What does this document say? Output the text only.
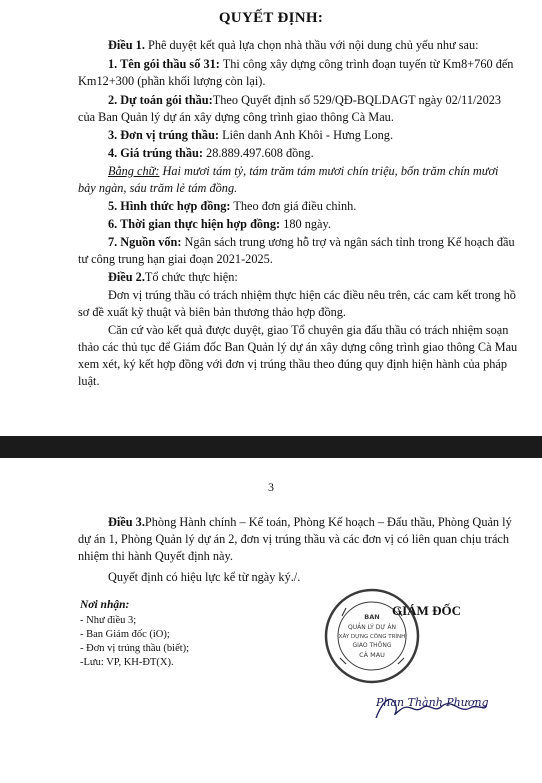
QUYẾT ĐỊNH:

Điều 1. Phê duyệt kết quả lựa chọn nhà thầu với nội dung chủ yếu như sau:

1. Tên gói thầu số 31: Thi công xây dựng công trình đoạn tuyến từ Km8+760 đến

Km12+300 (phần khối lượng còn lại).

2. Dự toán gói thầu:Theo Quyết định số 529/QĐ-BQLDAGT ngày 02/11/2023

của Ban Quản lý dự án xây dựng công trình giao thông Cà Mau.

3. Đơn vị trúng thầu: Liên danh Anh Khôi - Hưng Long.

4. Giá trúng thầu: 28.889.497.608 đồng.

Bằng chữ: Hai mươi tám tỷ, tám trăm tám mươi chín triệu, bốn trăm chín mươi

bảy ngàn, sáu trăm lẻ tám đồng.

5. Hình thức hợp đồng: Theo đơn giá điều chỉnh.

6. Thời gian thực hiện hợp đồng: 180 ngày.

7. Nguồn vốn: Ngân sách trung ương hỗ trợ và ngân sách tỉnh trong Kế hoạch đầu

tư công trung hạn giai đoạn 2021-2025.

Điều 2.Tổ chức thực hiện:

Đơn vị trúng thầu có trách nhiệm thực hiện các điều nêu trên, các cam kết trong hồ

sơ đề xuất kỹ thuật và biên bản thương thảo hợp đồng.

Căn cứ vào kết quả được duyệt, giao Tổ chuyên gia đấu thầu có trách nhiệm soạn

thảo các thủ tục để Giám đốc Ban Quản lý dự án xây dựng công trình giao thông Cà Mau

xem xét, ký kết hợp đồng với đơn vị trúng thầu theo đúng quy định hiện hành của pháp

luật.

3

Điều 3.Phòng Hành chính – Kế toán, Phòng Kế hoạch – Đấu thầu, Phòng Quản lý

dự án 1, Phòng Quản lý dự án 2, đơn vị trúng thầu và các đơn vị có liên quan chịu trách

nhiệm thi hành Quyết định này.

Quyết định có hiệu lực kể từ ngày ký./.

Nơi nhận:
- Như điều 3;
- Ban Giám đốc (iO);
- Đơn vị trúng thầu (biết);
-Lưu: VP, KH-ĐT(X).
BAN
QUẢN LÝ DỰ ÁN
XÂY DỰNG CÔNG TRÌNH
GIAO THÔNG
CÀ MAU
GIÁM ĐỐC
Phan Thành Phương
